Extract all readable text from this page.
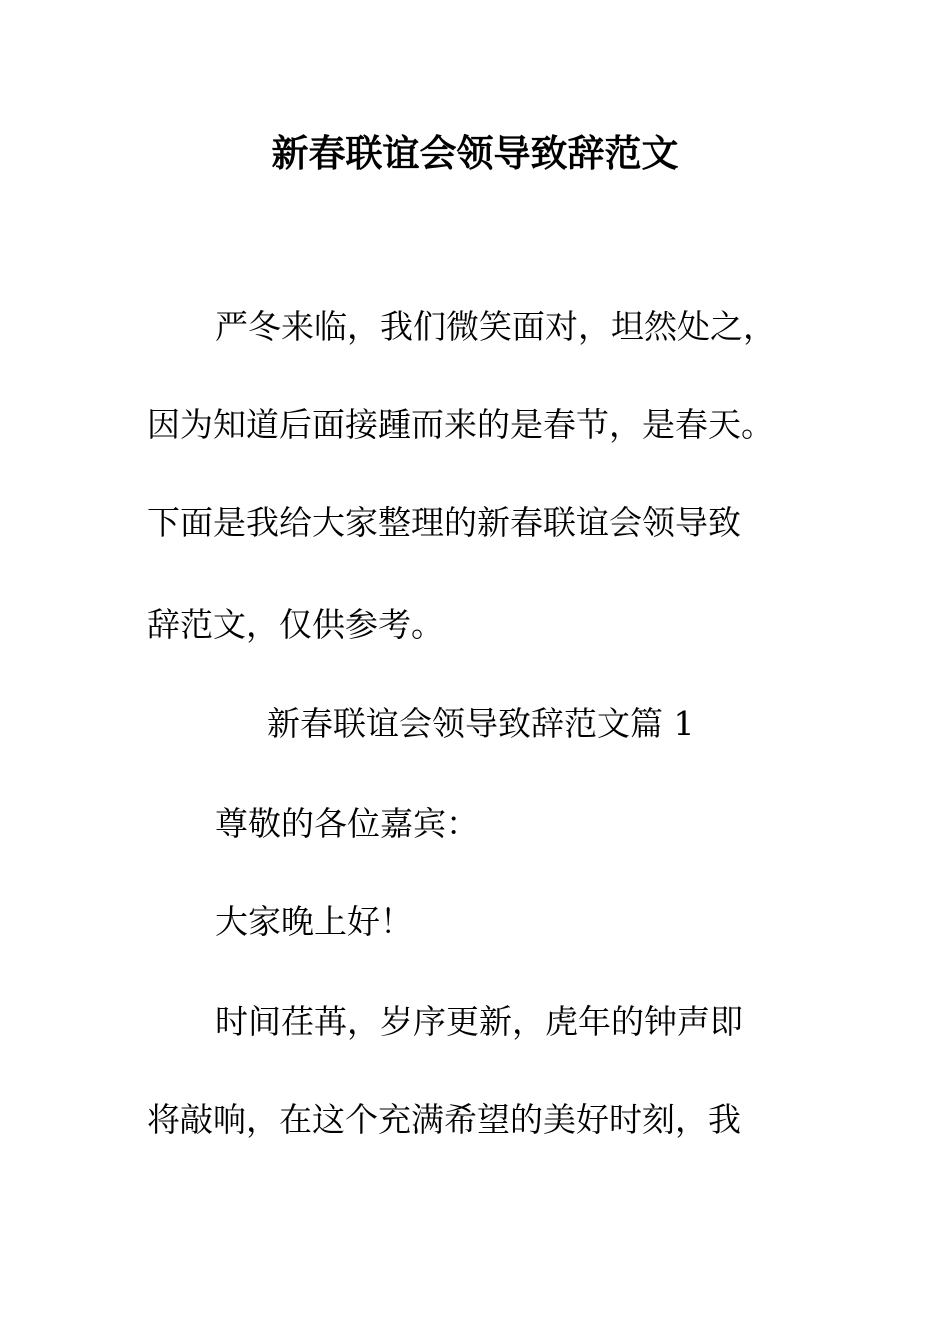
新春联谊会领导致辞范文
严冬来临，我们微笑面对，坦然处之，
因为知道后面接踵而来的是春节，是春天。
下面是我给大家整理的新春联谊会领导致
辞范文，仅供参考。
新春联谊会领导致辞范文篇 1
尊敬的各位嘉宾：
大家晚上好！
时间荏苒，岁序更新，虎年的钟声即
将敲响，在这个充满希望的美好时刻，我
